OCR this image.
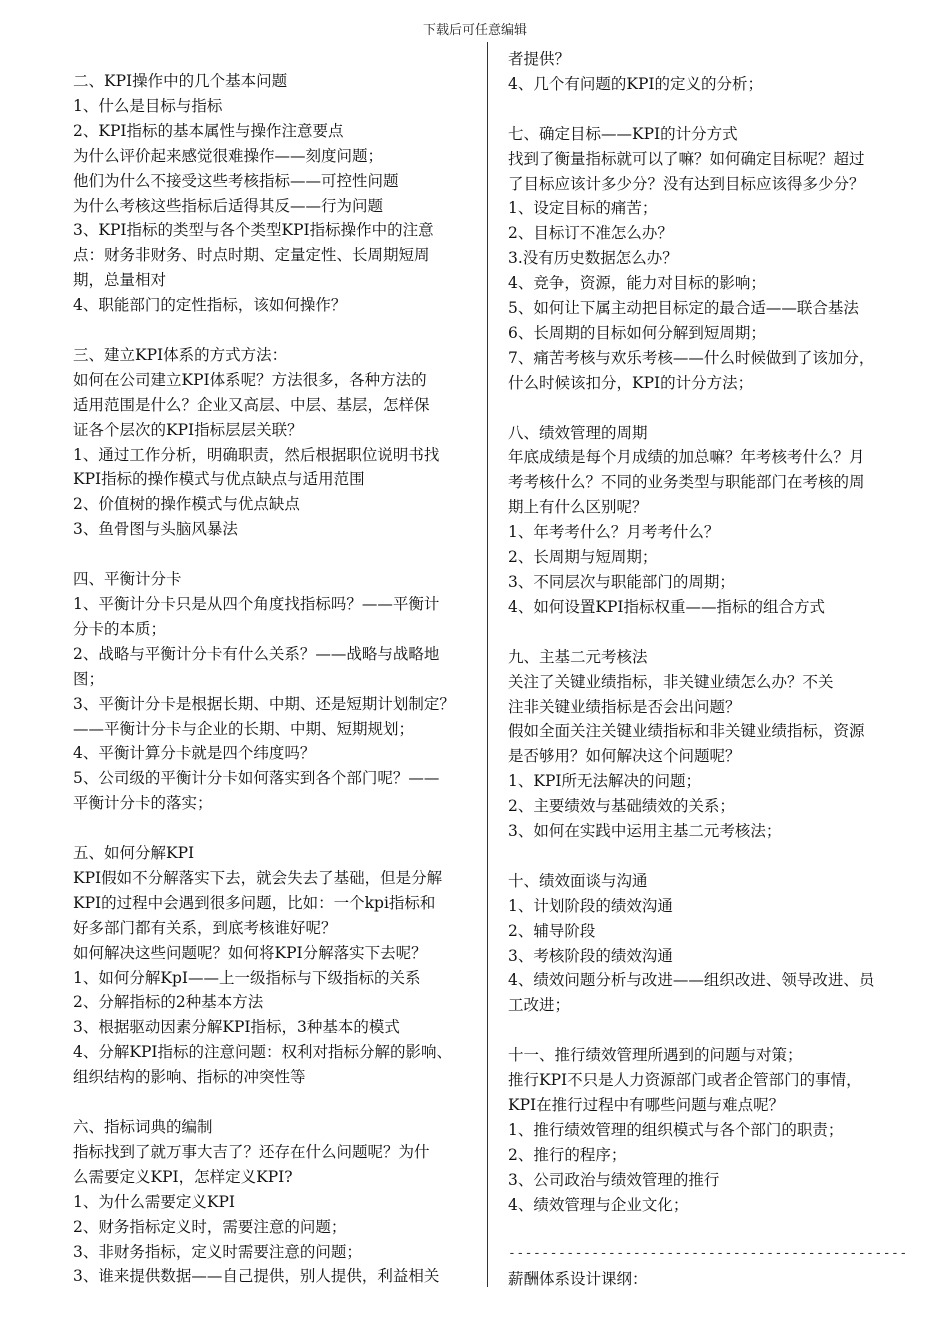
下载后可任意编辑
二、KPI操作中的几个基本问题
1、什么是目标与指标
2、KPI指标的基本属性与操作注意要点
为什么评价起来感觉很难操作——刻度问题；
他们为什么不接受这些考核指标——可控性问题
为什么考核这些指标后适得其反——行为问题
3、KPI指标的类型与各个类型KPI指标操作中的注意
点：财务非财务、时点时期、定量定性、长周期短周
期，总量相对
4、职能部门的定性指标，该如何操作？
三、建立KPI体系的方式方法：
如何在公司建立KPI体系呢？方法很多，各种方法的
适用范围是什么？企业又高层、中层、基层，怎样保
证各个层次的KPI指标层层关联？
1、通过工作分析，明确职责，然后根据职位说明书找
KPI指标的操作模式与优点缺点与适用范围
2、价值树的操作模式与优点缺点
3、鱼骨图与头脑风暴法
四、平衡计分卡
1、平衡计分卡只是从四个角度找指标吗？——平衡计
分卡的本质；
2、战略与平衡计分卡有什么关系？——战略与战略地
图；
3、平衡计分卡是根据长期、中期、还是短期计划制定？
——平衡计分卡与企业的长期、中期、短期规划；
4、平衡计算分卡就是四个纬度吗？
5、公司级的平衡计分卡如何落实到各个部门呢？——
平衡计分卡的落实；
五、如何分解KPI
KPI假如不分解落实下去，就会失去了基础，但是分解
KPI的过程中会遇到很多问题，比如：一个kpi指标和
好多部门都有关系，到底考核谁好呢？
如何解决这些问题呢？如何将KPI分解落实下去呢？
1、如何分解KpI——上一级指标与下级指标的关系
2、分解指标的2种基本方法
3、根据驱动因素分解KPI指标，3种基本的模式
4、分解KPI指标的注意问题：权利对指标分解的影响、
组织结构的影响、指标的冲突性等
六、指标词典的编制
指标找到了就万事大吉了？还存在什么问题呢？为什
么需要定义KPI，怎样定义KPI?
1、为什么需要定义KPI
2、财务指标定义时，需要注意的问题；
3、非财务指标，定义时需要注意的问题；
3、谁来提供数据——自己提供，别人提供，利益相关
者提供？
4、几个有问题的KPI的定义的分析；
七、确定目标——KPI的计分方式
找到了衡量指标就可以了嘛？如何确定目标呢？超过
了目标应该计多少分？没有达到目标应该得多少分？
1、设定目标的痛苦；
2、目标订不准怎么办？
3.没有历史数据怎么办？
4、竞争，资源，能力对目标的影响；
5、如何让下属主动把目标定的最合适——联合基法
6、长周期的目标如何分解到短周期；
7、痛苦考核与欢乐考核——什么时候做到了该加分，
什么时候该扣分，KPI的计分方法；
八、绩效管理的周期
年底成绩是每个月成绩的加总嘛？年考核考什么？月
考考核什么？不同的业务类型与职能部门在考核的周
期上有什么区别呢？
1、年考考什么？月考考什么？
2、长周期与短周期；
3、不同层次与职能部门的周期；
4、如何设置KPI指标权重——指标的组合方式
九、主基二元考核法
关注了关键业绩指标，非关键业绩怎么办？不关
注非关键业绩指标是否会出问题？
假如全面关注关键业绩指标和非关键业绩指标，资源
是否够用？如何解决这个问题呢？
1、KPI所无法解决的问题；
2、主要绩效与基础绩效的关系；
3、如何在实践中运用主基二元考核法；
十、绩效面谈与沟通
1、计划阶段的绩效沟通
2、辅导阶段
3、考核阶段的绩效沟通
4、绩效问题分析与改进——组织改进、领导改进、员
工改进；
十一、推行绩效管理所遇到的问题与对策；
推行KPI不只是人力资源部门或者企管部门的事情，
KPI在推行过程中有哪些问题与难点呢？
1、推行绩效管理的组织模式与各个部门的职责；
2、推行的程序；
3、公司政治与绩效管理的推行
4、绩效管理与企业文化；
------------------------------------------------
薪酬体系设计课纲：
